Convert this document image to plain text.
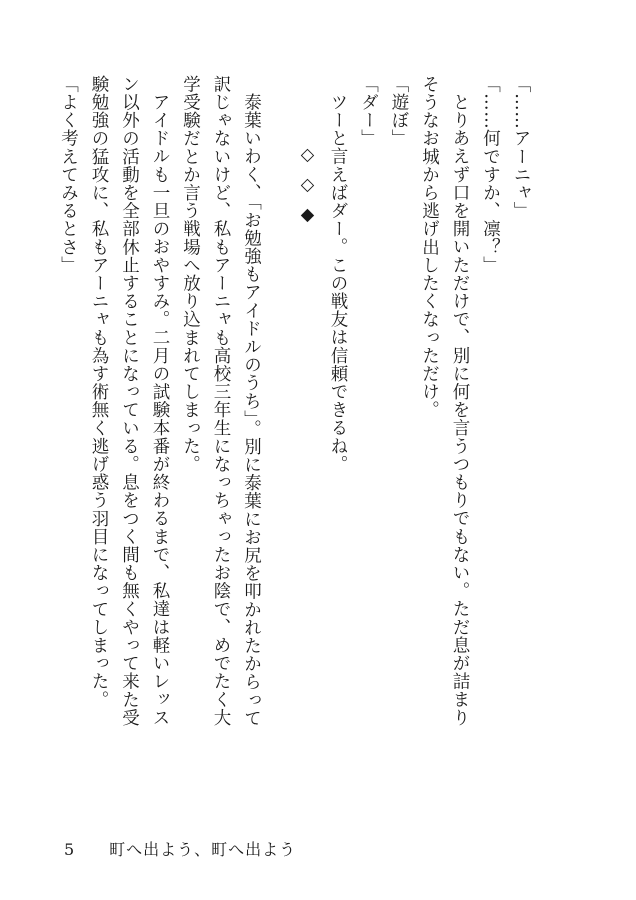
「……アーニャ」

「……何ですか、凛？」

とりあえず口を開いただけで、別に何を言うつもりでもない。ただ息が詰まり

そうなお城から逃げ出したくなっただけ。

「遊ぼ」

「ダー」

ツーと言えばダー。この戦友は信頼できるね。

◇◇◆

泰葉いわく、「お勉強もアイドルのうち」。別に泰葉にお尻を叩かれたからって

訳じゃないけど、私もアーニャも高校三年生になっちゃったお陰で、めでたく大

学受験だとか言う戦場へ放り込まれてしまった。

アイドルも一旦のおやすみ。二月の試験本番が終わるまで、私達は軽いレッス

ン以外の活動を全部休止することになっている。息をつく間も無くやって来た受

験勉強の猛攻に、私もアーニャも為す術無く逃げ惑う羽目になってしまった。

「よく考えてみるとさ」

5 町へ出よう、町へ出よう
